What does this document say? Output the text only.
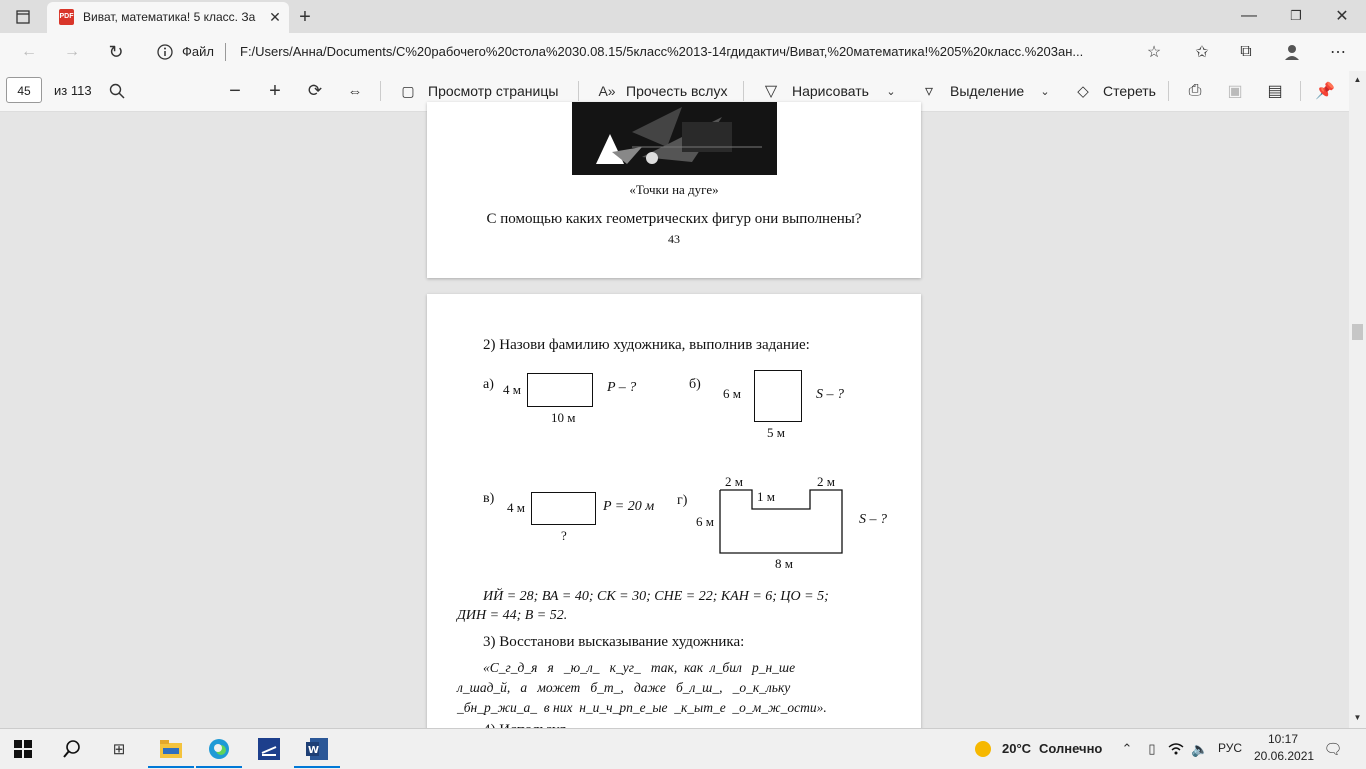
PDF Виват, математика! 5 класс. За ✕ +	—	❐	✕
← → ↻	Файл F:/Users/Анна/Documents/C%20рабочего%20стола%2030.08.15/5класс%2013-14гдидактич/Виват,%20математика!%205%20класс.%203ан...	☆ ✩	⧉	⋯
45	из 113	− +	⟳ ⇔	▢ Просмотр страницы	A» Прочесть вслух	▽	Нарисовать	⌄	▿	Выделение	⌄	◇	Стереть ⎙ ▣ ▤ 📌
«Точки на дуге»
С помощью каких геометрических фигур они выполнены?
43
2) Назови фамилию художника, выполнив задание:
а) 4 м
10 м
P – ?	б)
6 м
5 м
S – ?
в)
4 м
?
P = 20 м г)
2 м
1 м
2 м
6 м
8 м
S – ?
ИЙ = 28; ВА = 40; СК = 30; СНЕ = 22; КАН = 6; ЦО = 5;
ДИН = 44; В = 52.
3) Восстанови высказывание художника:
«С_г_д_я   я   _ю_л_   к_уг_   так,  как  л_бил   р_н_ше
л_шад_й,   а   может   б_т_,   даже   б_л_ш_,   _о_к_льку
_бн_р_жи_а_  в них  н_и_ч_рп_е_ые  _к_ыт_е  _о_м_ж_ости».
▲
▼
⊞	W	20°C Солнечно	⌃	▯	🔈 РУС
10:17
20.06.2021 🗨
